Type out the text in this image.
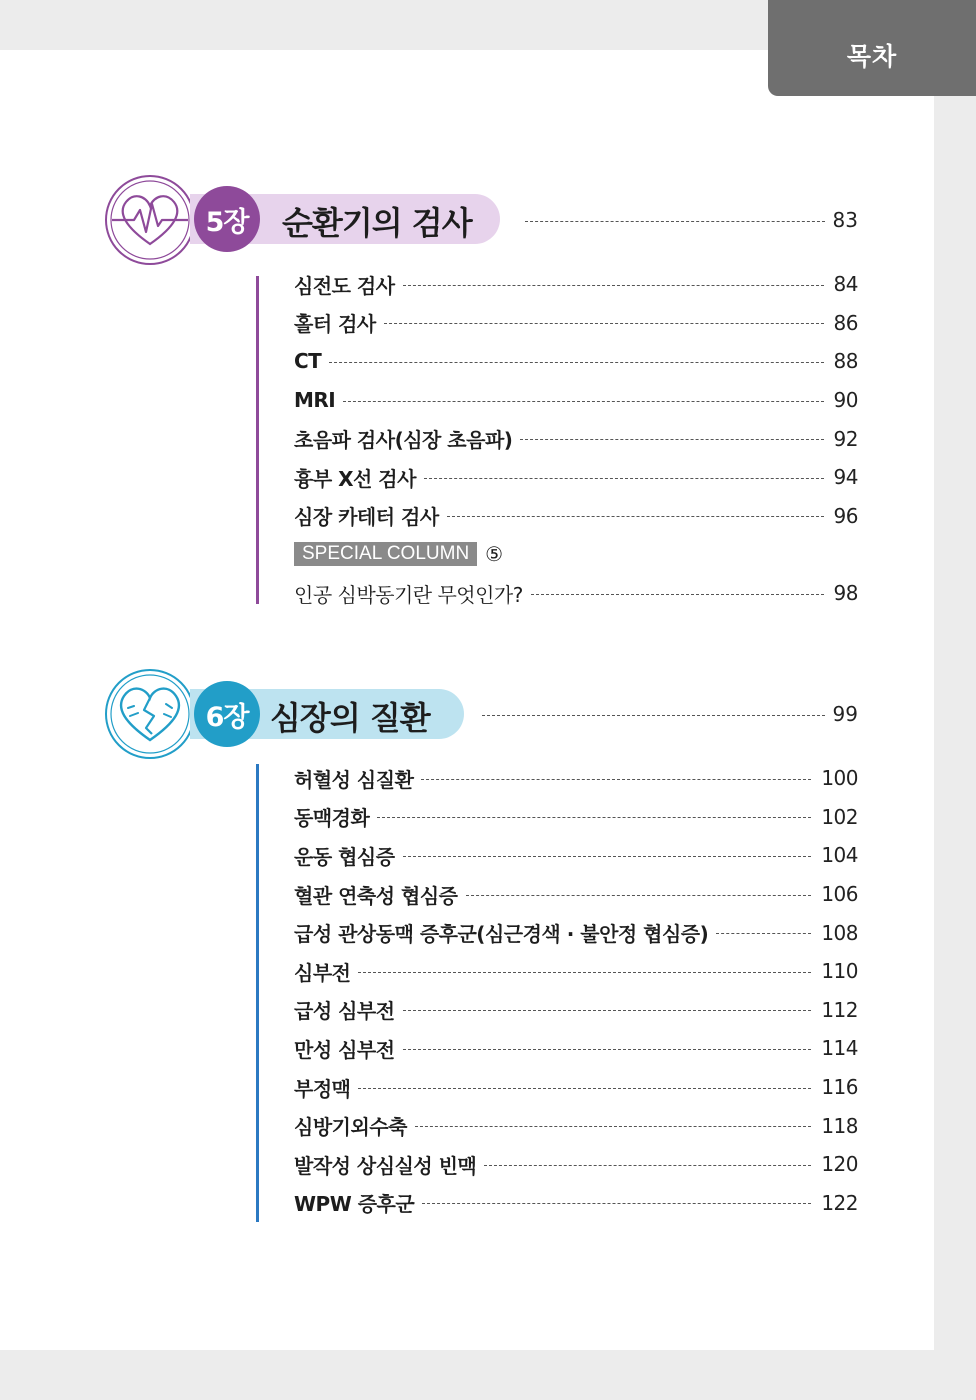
목차
5장 순환기의 검사	83
심전도 검사	84
홀터 검사	86
CT	88
MRI	90
초음파 검사(심장 초음파)	92
흉부 X선 검사	94
심장 카테터 검사	96
SPECIAL COLUMN ⑤
인공 심박동기란 무엇인가?	98
6장 심장의 질환	99
허혈성 심질환	100
동맥경화	102
운동 협심증	104
혈관 연축성 협심증	106
급성 관상동맥 증후군(심근경색 · 불안정 협심증)	108
심부전	110
급성 심부전	112
만성 심부전	114
부정맥	116
심방기외수축	118
발작성 상심실성 빈맥	120
WPW 증후군	122
